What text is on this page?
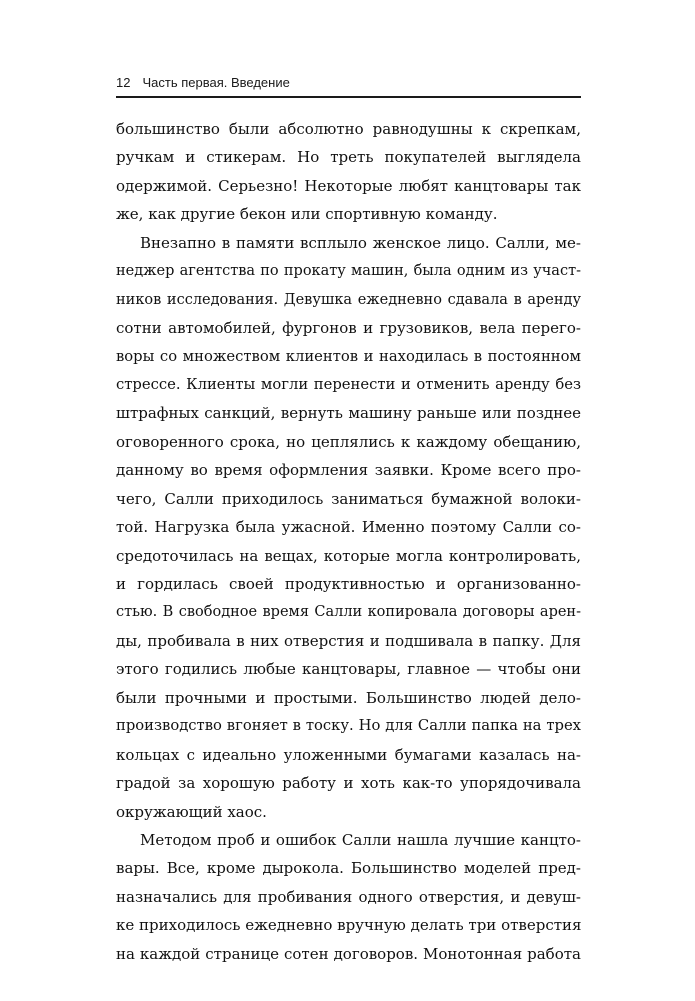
12 Часть первая. Введение
большинство были абсолютно равнодушны к скрепкам,
ручкам и стикерам. Но треть покупателей выглядела
одержимой. Серьезно! Некоторые любят канцтовары так
же, как другие бекон или спортивную команду.
Внезапно в памяти всплыло женское лицо. Салли, ме-
неджер агентства по прокату машин, была одним из участ-
ников исследования. Девушка ежедневно сдавала в аренду
сотни автомобилей, фургонов и грузовиков, вела перего-
воры со множеством клиентов и находилась в постоянном
стрессе. Клиенты могли перенести и отменить аренду без
штрафных санкций, вернуть машину раньше или позднее
оговоренного срока, но цеплялись к каждому обещанию,
данному во время оформления заявки. Кроме всего про-
чего, Салли приходилось заниматься бумажной волоки-
той. Нагрузка была ужасной. Именно поэтому Салли со-
средоточилась на вещах, которые могла контролировать,
и гордилась своей продуктивностью и организованно-
стью. В свободное время Салли копировала договоры арен-
ды, пробивала в них отверстия и подшивала в папку. Для
этого годились любые канцтовары, главное — чтобы они
были прочными и простыми. Большинство людей дело-
производство вгоняет в тоску. Но для Салли папка на трех
кольцах с идеально уложенными бумагами казалась на-
градой за хорошую работу и хоть как-то упорядочивала
окружающий хаос.
Методом проб и ошибок Салли нашла лучшие канцто-
вары. Все, кроме дырокола. Большинство моделей пред-
назначались для пробивания одного отверстия, и девуш-
ке приходилось ежедневно вручную делать три отверстия
на каждой странице сотен договоров. Монотонная работа
